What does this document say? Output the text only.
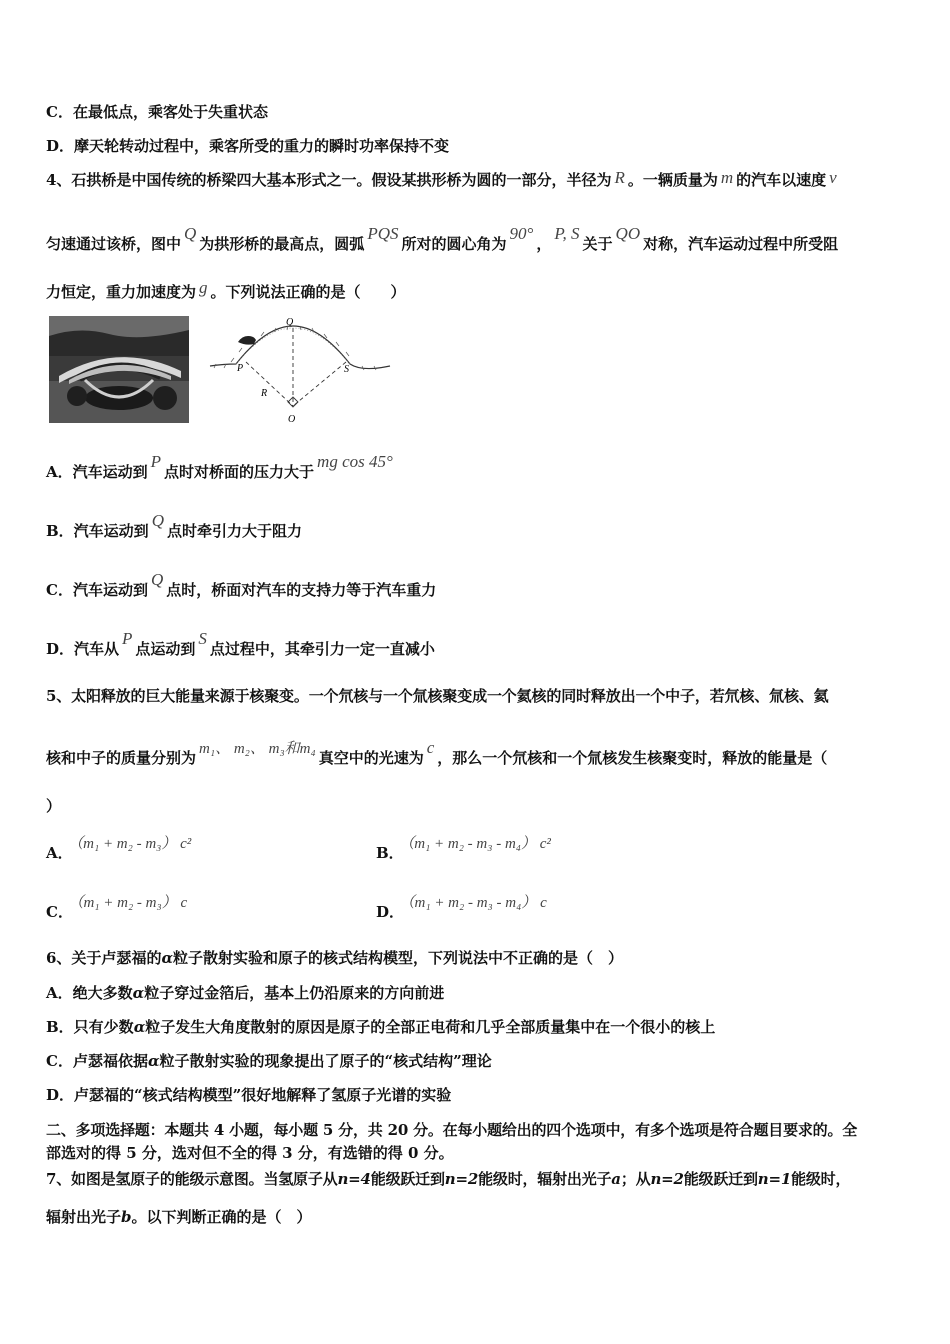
C．在最低点，乘客处于失重状态
D．摩天轮转动过程中，乘客所受的重力的瞬时功率保持不变
4、石拱桥是中国传统的桥梁四大基本形式之一。假设某拱形桥为圆的一部分，半径为 R 。一辆质量为 m 的汽车以速度 v
匀速通过该桥，图中Q为拱形桥的最高点，圆弧PQS所对的圆心角为90°，P, S关于QO对称，汽车运动过程中所受阻
力恒定，重力加速度为 g 。下列说法正确的是（　　）
Q
P	S
R
O
A．汽车运动到P点时对桥面的压力大于mg cos 45°
B．汽车运动到Q点时牵引力大于阻力
C．汽车运动到Q点时，桥面对汽车的支持力等于汽车重力
D．汽车从P点运动到S点过程中，其牵引力一定一直减小
5、太阳释放的巨大能量来源于核聚变。一个氘核与一个氚核聚变成一个氦核的同时释放出一个中子，若氘核、氚核、氦
核和中子的质量分别为 m₁、 m₂、 m₃和m₄ 真空中的光速为c，那么一个氘核和一个氚核发生核聚变时，释放的能量是（
）
A． （m₁ + m₂ - m₃） c²	B． （m₁ + m₂ - m₃ - m₄） c²
C． （m₁ + m₂ - m₃） c	D． （m₁ + m₂ - m₃ - m₄） c
6、关于卢瑟福的α粒子散射实验和原子的核式结构模型，下列说法中不正确的是（　）
A．绝大多数α粒子穿过金箔后，基本上仍沿原来的方向前进
B．只有少数α粒子发生大角度散射的原因是原子的全部正电荷和几乎全部质量集中在一个很小的核上
C．卢瑟福依据α粒子散射实验的现象提出了原子的“核式结构”理论
D．卢瑟福的“核式结构模型”很好地解释了氢原子光谱的实验
二、多项选择题：本题共 4 小题，每小题 5 分，共 20 分。在每小题给出的四个选项中，有多个选项是符合题目要求的。全
部选对的得 5 分，选对但不全的得 3 分，有选错的得 0 分。
7、如图是氢原子的能级示意图。当氢原子从n=4能级跃迁到n=2能级时，辐射出光子a；从n=2能级跃迁到n=1能级时，
辐射出光子b。以下判断正确的是（　）
